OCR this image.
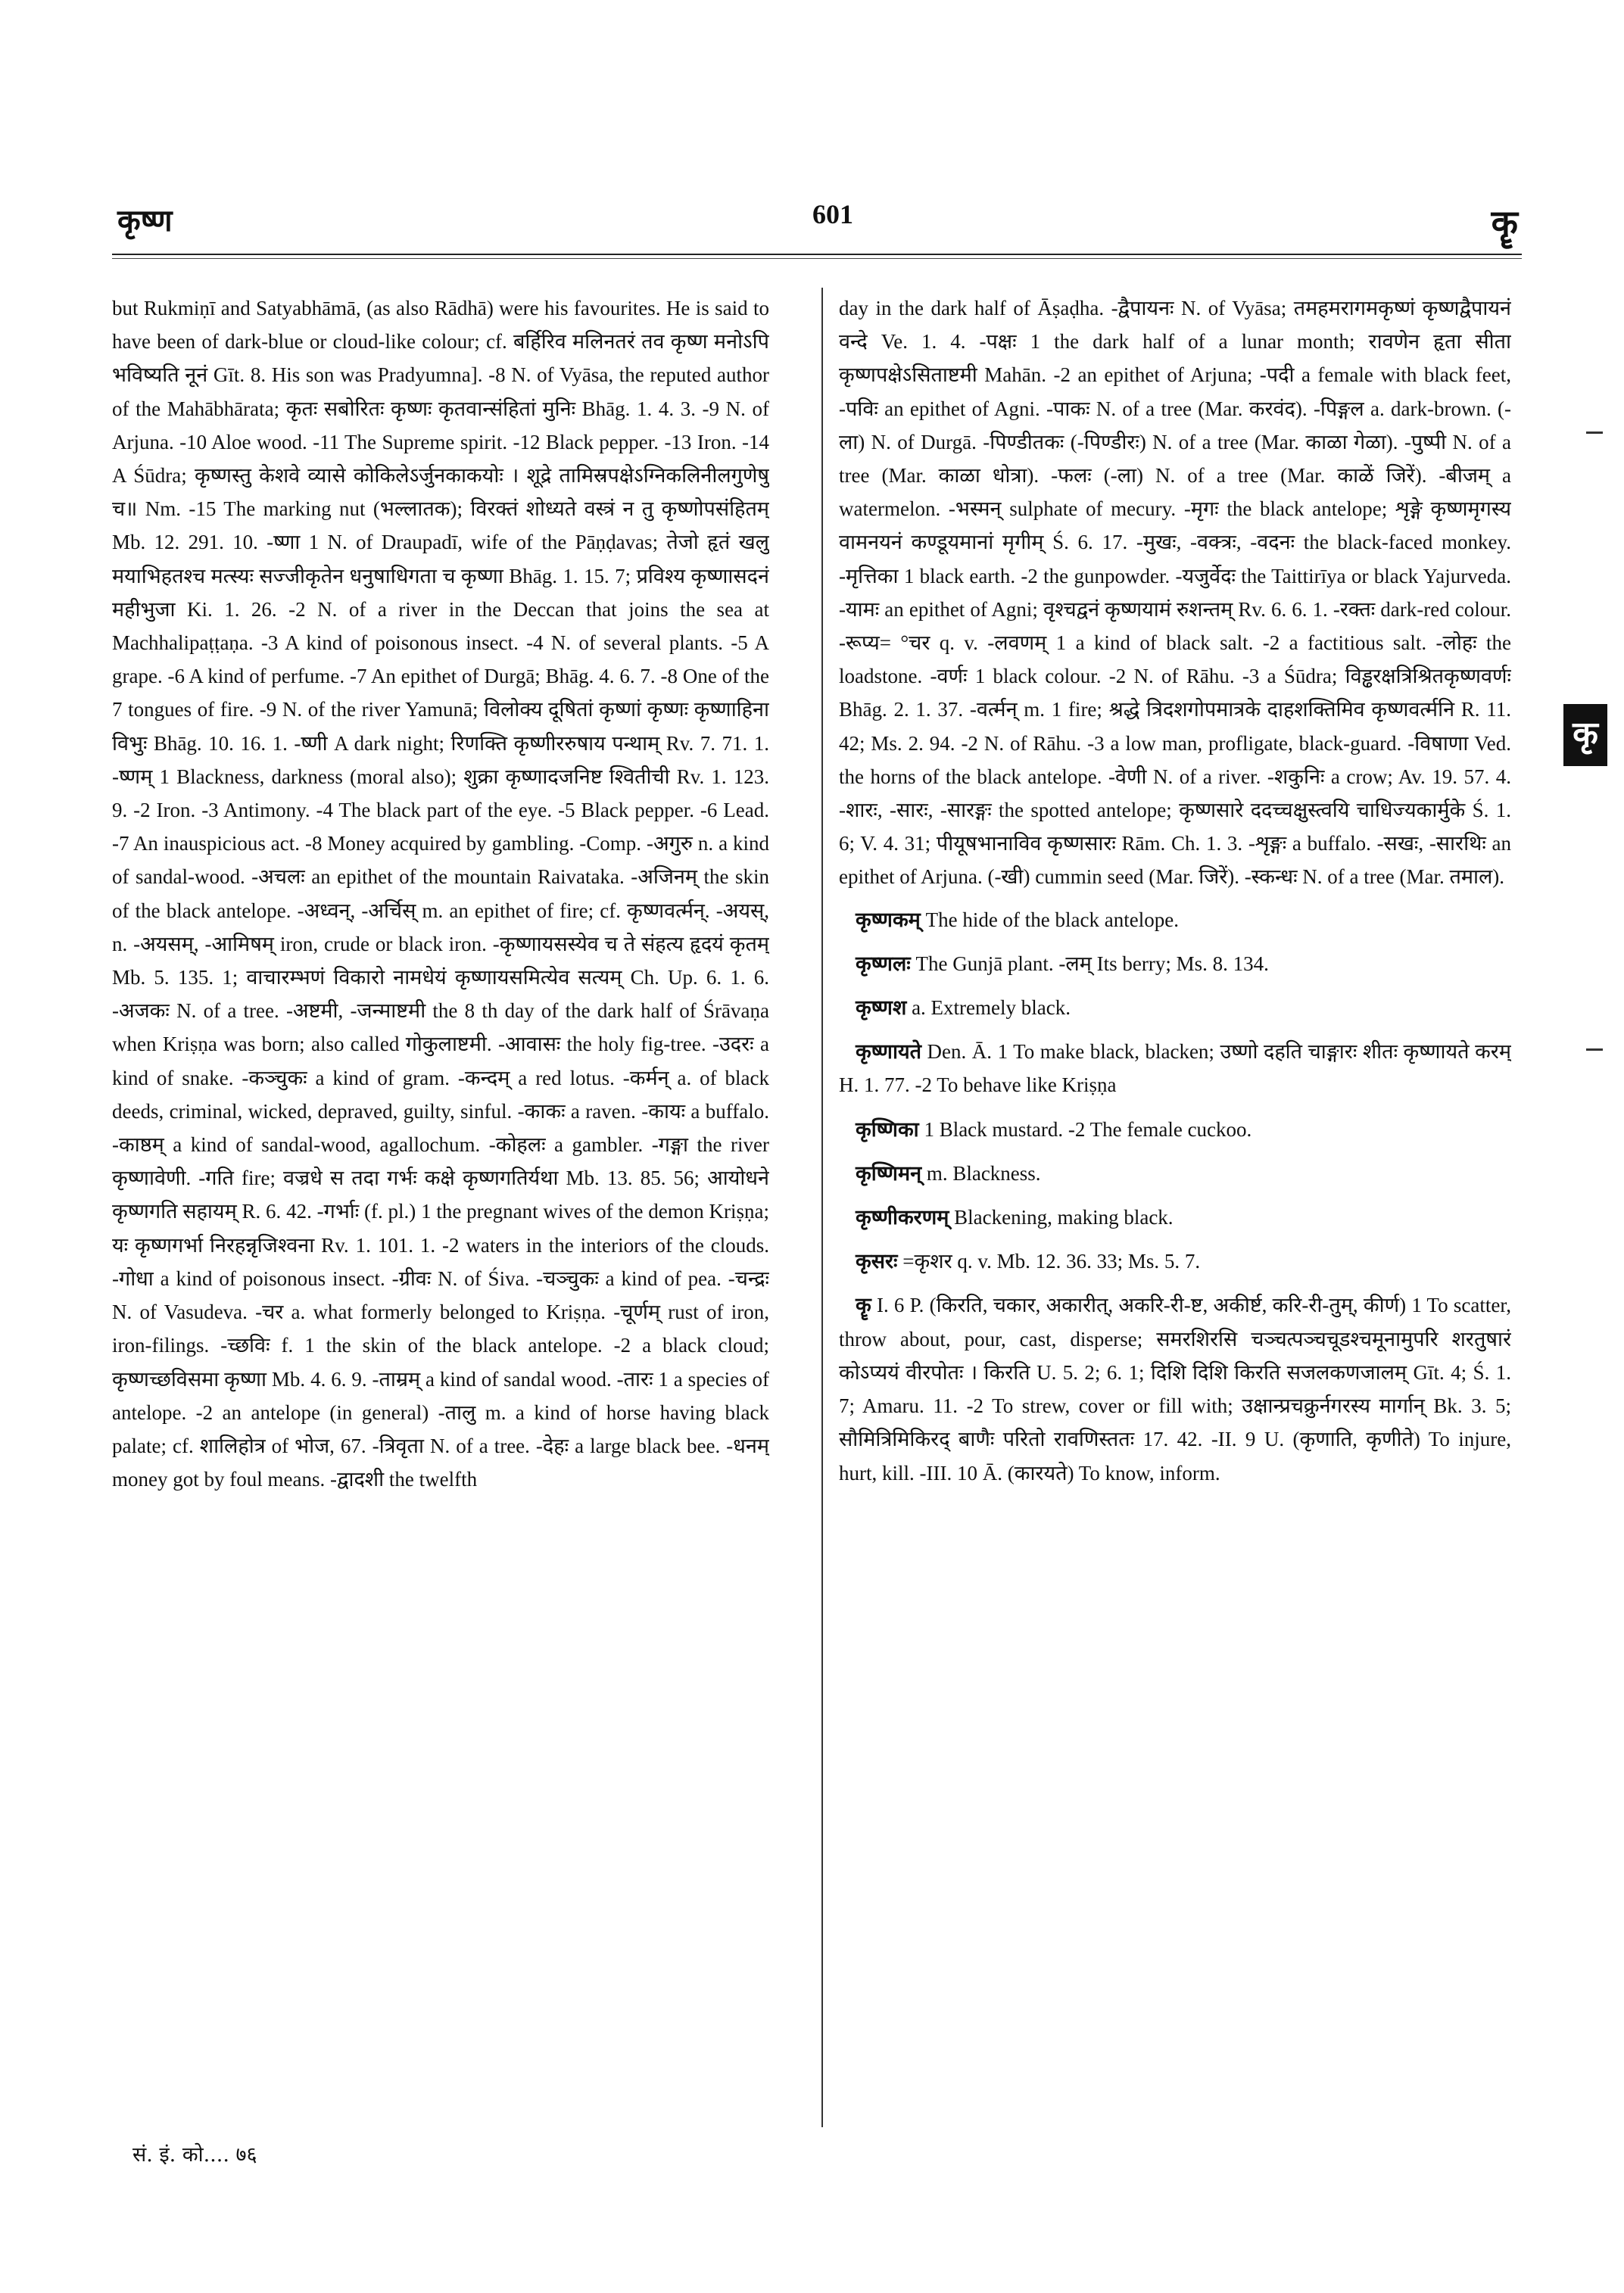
कृष्ण	601	कॄ
कृ

but Rukmiṇī and Satyabhāmā, (as also Rādhā) were his favourites. He is said to have been of dark-blue or cloud-like colour; cf. बर्हिरिव मलिनतरं तव कृष्ण मनोऽपि भविष्यति नूनं Gīt. 8. His son was Pradyumna]. -8 N. of Vyāsa, the reputed author of the Mahābhārata; कृतः सबोरितः कृष्णः कृतवान्संहितां मुनिः Bhāg. 1. 4. 3. -9 N. of Arjuna. -10 Aloe wood. -11 The Supreme spirit. -12 Black pepper. -13 Iron. -14 A Śūdra; कृष्णस्तु केशवे व्यासे कोकिलेऽर्जुनकाकयोः । शूद्रे तामिस्रपक्षेऽग्निकलिनीलगुणेषु च॥ Nm. -15 The marking nut (भल्लातक); विरक्तं शोध्यते वस्त्रं न तु कृष्णोपसंहितम् Mb. 12. 291. 10. -ष्णा 1 N. of Draupadī, wife of the Pāṇḍavas; तेजो हृतं खलु मयाभिहतश्च मत्स्यः सज्जीकृतेन धनुषाधिगता च कृष्णा Bhāg. 1. 15. 7; प्रविश्य कृष्णासदनं महीभुजा Ki. 1. 26. -2 N. of a river in the Deccan that joins the sea at Machhalipaṭṭaṇa. -3 A kind of poisonous insect. -4 N. of several plants. -5 A grape. -6 A kind of perfume. -7 An epithet of Durgā; Bhāg. 4. 6. 7. -8 One of the 7 tongues of fire. -9 N. of the river Yamunā; विलोक्य दूषितां कृष्णां कृष्णः कृष्णाहिना विभुः Bhāg. 10. 16. 1. -ष्णी A dark night; रिणक्ति कृष्णीररुषाय पन्थाम् Rv. 7. 71. 1. -ष्णम् 1 Blackness, darkness (moral also); शुक्रा कृष्णादजनिष्ट श्वितीची Rv. 1. 123. 9. -2 Iron. -3 Antimony. -4 The black part of the eye. -5 Black pepper. -6 Lead. -7 An inauspicious act. -8 Money acquired by gambling. -Comp. -अगुरु n. a kind of sandal-wood. -अचलः an epithet of the mountain Raivataka. -अजिनम् the skin of the black antelope. -अध्वन्, -अर्चिस् m. an epithet of fire; cf. कृष्णवर्त्मन्. -अयस्, n. -अयसम्, -आमिषम् iron, crude or black iron. -कृष्णायसस्येव च ते संहत्य हृदयं कृतम् Mb. 5. 135. 1; वाचारम्भणं विकारो नामधेयं कृष्णायसमित्येव सत्यम् Ch. Up. 6. 1. 6. -अजकः N. of a tree. -अष्टमी, -जन्माष्टमी the 8 th day of the dark half of Śrāvaṇa when Kriṣṇa was born; also called गोकुलाष्टमी. -आवासः the holy fig-tree. -उदरः a kind of snake. -कञ्चुकः a kind of gram. -कन्दम् a red lotus. -कर्मन् a. of black deeds, criminal, wicked, depraved, guilty, sinful. -काकः a raven. -कायः a buffalo. -काष्ठम् a kind of sandal-wood, agallochum. -कोहलः a gambler. -गङ्गा the river कृष्णावेणी. -गति fire; वज्रधे स तदा गर्भः कक्षे कृष्णगतिर्यथा Mb. 13. 85. 56; आयोधने कृष्णगति सहायम् R. 6. 42. -गर्भाः (f. pl.) 1 the pregnant wives of the demon Kriṣṇa; यः कृष्णगर्भा निरहन्नृजिश्वना Rv. 1. 101. 1. -2 waters in the interiors of the clouds. -गोधा a kind of poisonous insect. -ग्रीवः N. of Śiva. -चञ्चुकः a kind of pea. -चन्द्रः N. of Vasudeva. -चर a. what formerly belonged to Kriṣṇa. -चूर्णम् rust of iron, iron-filings. -च्छविः f. 1 the skin of the black antelope. -2 a black cloud; कृष्णच्छविसमा कृष्णा Mb. 4. 6. 9. -ताम्रम् a kind of sandal wood. -तारः 1 a species of antelope. -2 an antelope (in general) -तालु m. a kind of horse having black palate; cf. शालिहोत्र of भोज, 67. -त्रिवृता N. of a tree. -देहः a large black bee. -धनम् money got by foul means. -द्वादशी the twelfth

day in the dark half of Āṣaḍha. -द्वैपायनः N. of Vyāsa; तमहमरागमकृष्णं कृष्णद्वैपायनं वन्दे Ve. 1. 4. -पक्षः 1 the dark half of a lunar month; रावणेन हृता सीता कृष्णपक्षेऽसिताष्टमी Mahān. -2 an epithet of Arjuna; -पदी a female with black feet, -पविः an epithet of Agni. -पाकः N. of a tree (Mar. करवंद). -पिङ्गल a. dark-brown. (-ला) N. of Durgā. -पिण्डीतकः (-पिण्डीरः) N. of a tree (Mar. काळा गेळा). -पुष्पी N. of a tree (Mar. काळा धोत्रा). -फलः (-ला) N. of a tree (Mar. काळें जिरें). -बीजम् a watermelon. -भस्मन् sulphate of mecury. -मृगः the black antelope; शृङ्गे कृष्णमृगस्य वामनयनं कण्डूयमानां मृगीम् Ś. 6. 17. -मुखः, -वक्त्रः, -वदनः the black-faced monkey. -मृत्तिका 1 black earth. -2 the gunpowder. -यजुर्वेदः the Taittirīya or black Yajurveda. -यामः an epithet of Agni; वृश्चद्वनं कृष्णयामं रुशन्तम् Rv. 6. 6. 1. -रक्तः dark-red colour. -रूप्य= °चर q. v. -लवणम् 1 a kind of black salt. -2 a factitious salt. -लोहः the loadstone. -वर्णः 1 black colour. -2 N. of Rāhu. -3 a Śūdra; विड्ढरक्षत्रिश्रितकृष्णवर्णः Bhāg. 2. 1. 37. -वर्त्मन् m. 1 fire; श्रद्धे त्रिदशगोपमात्रके दाहशक्तिमिव कृष्णवर्त्मनि R. 11. 42; Ms. 2. 94. -2 N. of Rāhu. -3 a low man, profligate, black-guard. -विषाणा Ved. the horns of the black antelope. -वेणी N. of a river. -शकुनिः a crow; Av. 19. 57. 4. -शारः, -सारः, -सारङ्गः the spotted antelope; कृष्णसारे ददच्चक्षुस्त्वयि चाधिज्यकार्मुके Ś. 1. 6; V. 4. 31; पीयूषभानाविव कृष्णसारः Rām. Ch. 1. 3. -शृङ्गः a buffalo. -सखः, -सारथिः an epithet of Arjuna. (-खी) cummin seed (Mar. जिरें). -स्कन्धः N. of a tree (Mar. तमाल).

कृष्णकम् The hide of the black antelope.

कृष्णलः The Gunjā plant. -लम् Its berry; Ms. 8. 134.

कृष्णश a. Extremely black.

कृष्णायते Den. Ā. 1 To make black, blacken; उष्णो दहति चाङ्गारः शीतः कृष्णायते करम् H. 1. 77. -2 To behave like Kriṣṇa

कृष्णिका 1 Black mustard. -2 The female cuckoo.

कृष्णिमन् m. Blackness.

कृष्णीकरणम् Blackening, making black.

कृसरः =कृशर q. v. Mb. 12. 36. 33; Ms. 5. 7.

कॄ I. 6 P. (किरति, चकार, अकारीत्, अकरि-री-ष्ट, अकीर्ष्ट, करि-री-तुम्, कीर्ण) 1 To scatter, throw about, pour, cast, disperse; समरशिरसि चञ्चत्पञ्चचूडश्चमूनामुपरि शरतुषारं कोऽप्ययं वीरपोतः । किरति U. 5. 2; 6. 1; दिशि दिशि किरति सजलकणजालम् Gīt. 4; Ś. 1. 7; Amaru. 11. -2 To strew, cover or fill with; उक्षान्प्रचक्रुर्नगरस्य मार्गान् Bk. 3. 5; सौमित्रिमिकिरद् बाणैः परितो रावणिस्ततः 17. 42. -II. 9 U. (कृणाति, कृणीते) To injure, hurt, kill. -III. 10 Ā. (कारयते) To know, inform.

सं. इं. को.... ७६
